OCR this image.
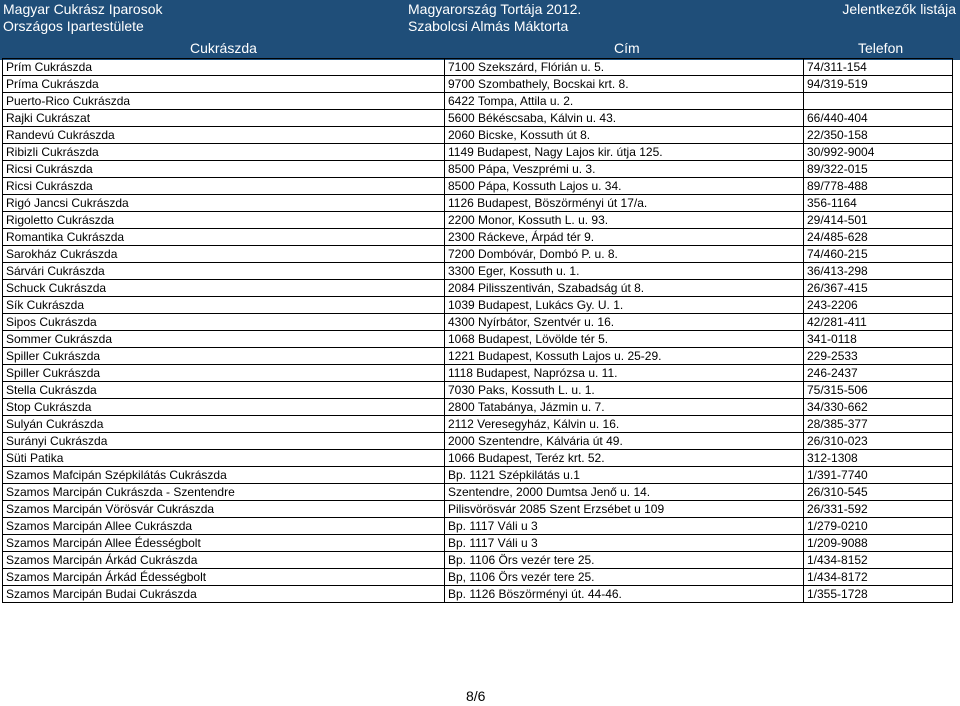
Magyar Cukrász Iparosok
Országos Ipartestülete
Magyarország Tortája 2012.
Szabolcsi Almás Máktorta
Jelentkezők listája
Cukrászda	Cím	Telefon
Prím Cukrászda	7100 Szekszárd, Flórián u. 5.	74/311-154
Príma Cukrászda	9700 Szombathely, Bocskai krt. 8.	94/319-519
Puerto-Rico Cukrászda	6422 Tompa, Attila u. 2.	
Rajki Cukrászat	5600 Békéscsaba, Kálvin u. 43.	66/440-404
Randevú Cukrászda	2060 Bicske, Kossuth út 8.	22/350-158
Ribizli Cukrászda	1149 Budapest, Nagy Lajos kir. útja 125.	30/992-9004
Ricsi Cukrászda	8500 Pápa, Veszprémi u. 3.	89/322-015
Ricsi Cukrászda	8500 Pápa, Kossuth Lajos u. 34.	89/778-488
Rigó Jancsi Cukrászda	1126 Budapest, Böszörményi út 17/a.	356-1164
Rigoletto Cukrászda	2200 Monor, Kossuth L. u. 93.	29/414-501
Romantika Cukrászda	2300 Ráckeve, Árpád tér 9.	24/485-628
Sarokház Cukrászda	7200 Dombóvár, Dombó P. u. 8.	74/460-215
Sárvári Cukrászda	3300 Eger, Kossuth u. 1.	36/413-298
Schuck Cukrászda	2084 Pilisszentiván, Szabadság út 8.	26/367-415
Sík Cukrászda	1039 Budapest, Lukács Gy. U. 1.	243-2206
Sipos Cukrászda	4300 Nyírbátor, Szentvér u. 16.	42/281-411
Sommer Cukrászda	1068 Budapest, Lövölde tér 5.	341-0118
Spiller Cukrászda	1221 Budapest, Kossuth Lajos u. 25-29.	229-2533
Spiller Cukrászda	1118 Budapest, Naprózsa u. 11.	246-2437
Stella Cukrászda	7030 Paks, Kossuth L. u. 1.	75/315-506
Stop Cukrászda	2800 Tatabánya, Jázmin u. 7.	34/330-662
Sulyán Cukrászda	2112 Veresegyház, Kálvin u. 16.	28/385-377
Surányi Cukrászda	2000 Szentendre, Kálvária út 49.	26/310-023
Süti Patika	1066 Budapest, Teréz krt. 52.	312-1308
Szamos Mafcipán Szépkilátás Cukrászda	Bp. 1121 Szépkilátás u.1	1/391-7740
Szamos Marcipán Cukrászda - Szentendre	Szentendre, 2000 Dumtsa Jenő u. 14.	26/310-545
Szamos Marcipán Vörösvár Cukrászda	Pilisvörösvár 2085 Szent Erzsébet u 109	26/331-592
Szamos Marcipán Allee Cukrászda	Bp. 1117 Váli u 3	1/279-0210
Szamos Marcipán Allee Édességbolt	Bp. 1117 Váli u 3	1/209-9088
Szamos Marcipán Árkád Cukrászda	Bp. 1106 Örs vezér tere 25.	1/434-8152
Szamos Marcipán Árkád Édességbolt	Bp, 1106 Örs vezér tere 25.	1/434-8172
Szamos Marcipán Budai Cukrászda	Bp. 1126 Böszörményi út. 44-46.	1/355-1728
8/6
